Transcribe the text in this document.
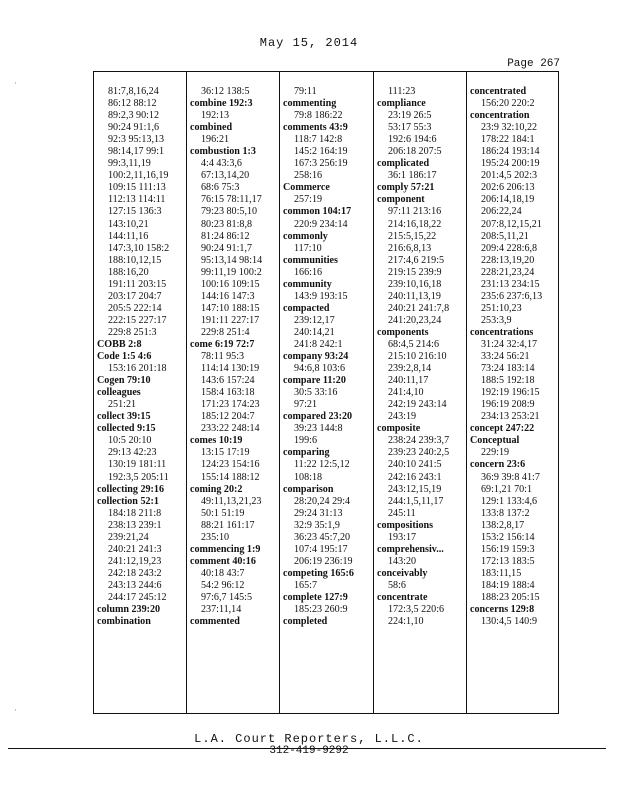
May 15, 2014
Page 267
·
·
81:7,8,16,24
86:12 88:12
89:2,3 90:12
90:24 91:1,6
92:3 95:13,13
98:14,17 99:1
99:3,11,19
100:2,11,16,19
109:15 111:13
112:13 114:11
127:15 136:3
143:10,21
144:11,16
147:3,10 158:2
188:10,12,15
188:16,20
191:11 203:15
203:17 204:7
205:5 222:14
222:15 227:17
229:8 251:3
COBB 2:8
Code 1:5 4:6
153:16 201:18
Cogen 79:10
colleagues
251:21
collect 39:15
collected 9:15
10:5 20:10
29:13 42:23
130:19 181:11
192:3,5 205:11
collecting 29:16
collection 52:1
184:18 211:8
238:13 239:1
239:21,24
240:21 241:3
241:12,19,23
242:18 243:2
243:13 244:6
244:17 245:12
column 239:20
combination
36:12 138:5
combine 192:3
192:13
combined
196:21
combustion 1:3
4:4 43:3,6
67:13,14,20
68:6 75:3
76:15 78:11,17
79:23 80:5,10
80:23 81:8,8
81:24 86:12
90:24 91:1,7
95:13,14 98:14
99:11,19 100:2
100:16 109:15
144:16 147:3
147:10 188:15
191:11 227:17
229:8 251:4
come 6:19 72:7
78:11 95:3
114:14 130:19
143:6 157:24
158:4 163:18
171:23 174:23
185:12 204:7
233:22 248:14
comes 10:19
13:15 17:19
124:23 154:16
155:14 188:12
coming 20:2
49:11,13,21,23
50:1 51:19
88:21 161:17
235:10
commencing 1:9
comment 40:16
40:18 43:7
54:2 96:12
97:6,7 145:5
237:11,14
commented
79:11
commenting
79:8 186:22
comments 43:9
118:7 142:8
145:2 164:19
167:3 256:19
258:16
Commerce
257:19
common 104:17
220:9 234:14
commonly
117:10
communities
166:16
community
143:9 193:15
compacted
239:12,17
240:14,21
241:8 242:1
company 93:24
94:6,8 103:6
compare 11:20
30:5 33:16
97:21
compared 23:20
39:23 144:8
199:6
comparing
11:22 12:5,12
108:18
comparison
28:20,24 29:4
29:24 31:13
32:9 35:1,9
36:23 45:7,20
107:4 195:17
206:19 236:19
competing 165:6
165:7
complete 127:9
185:23 260:9
completed
111:23
compliance
23:19 26:5
53:17 55:3
192:6 194:6
206:18 207:5
complicated
36:1 186:17
comply 57:21
component
97:11 213:16
214:16,18,22
215:5,15,22
216:6,8,13
217:4,6 219:5
219:15 239:9
239:10,16,18
240:11,13,19
240:21 241:7,8
241:20,23,24
components
68:4,5 214:6
215:10 216:10
239:2,8,14
240:11,17
241:4,10
242:19 243:14
243:19
composite
238:24 239:3,7
239:23 240:2,5
240:10 241:5
242:16 243:1
243:12,15,19
244:1,5,11,17
245:11
compositions
193:17
comprehensiv...
143:20
conceivably
58:6
concentrate
172:3,5 220:6
224:1,10
concentrated
156:20 220:2
concentration
23:9 32:10,22
178:22 184:1
186:24 193:14
195:24 200:19
201:4,5 202:3
202:6 206:13
206:14,18,19
206:22,24
207:8,12,15,21
208:5,11,21
209:4 228:6,8
228:13,19,20
228:21,23,24
231:13 234:15
235:6 237:6,13
251:10,23
253:3,9
concentrations
31:24 32:4,17
33:24 56:21
73:24 183:14
188:5 192:18
192:19 196:15
196:19 208:9
234:13 253:21
concept 247:22
Conceptual
229:19
concern 23:6
36:9 39:8 41:7
69:1,21 70:1
129:1 133:4,6
133:8 137:2
138:2,8,17
153:2 156:14
156:19 159:3
172:13 183:5
183:11,15
184:19 188:4
188:23 205:15
concerns 129:8
130:4,5 140:9
L.A. Court Reporters, L.L.C.
312-419-9292
